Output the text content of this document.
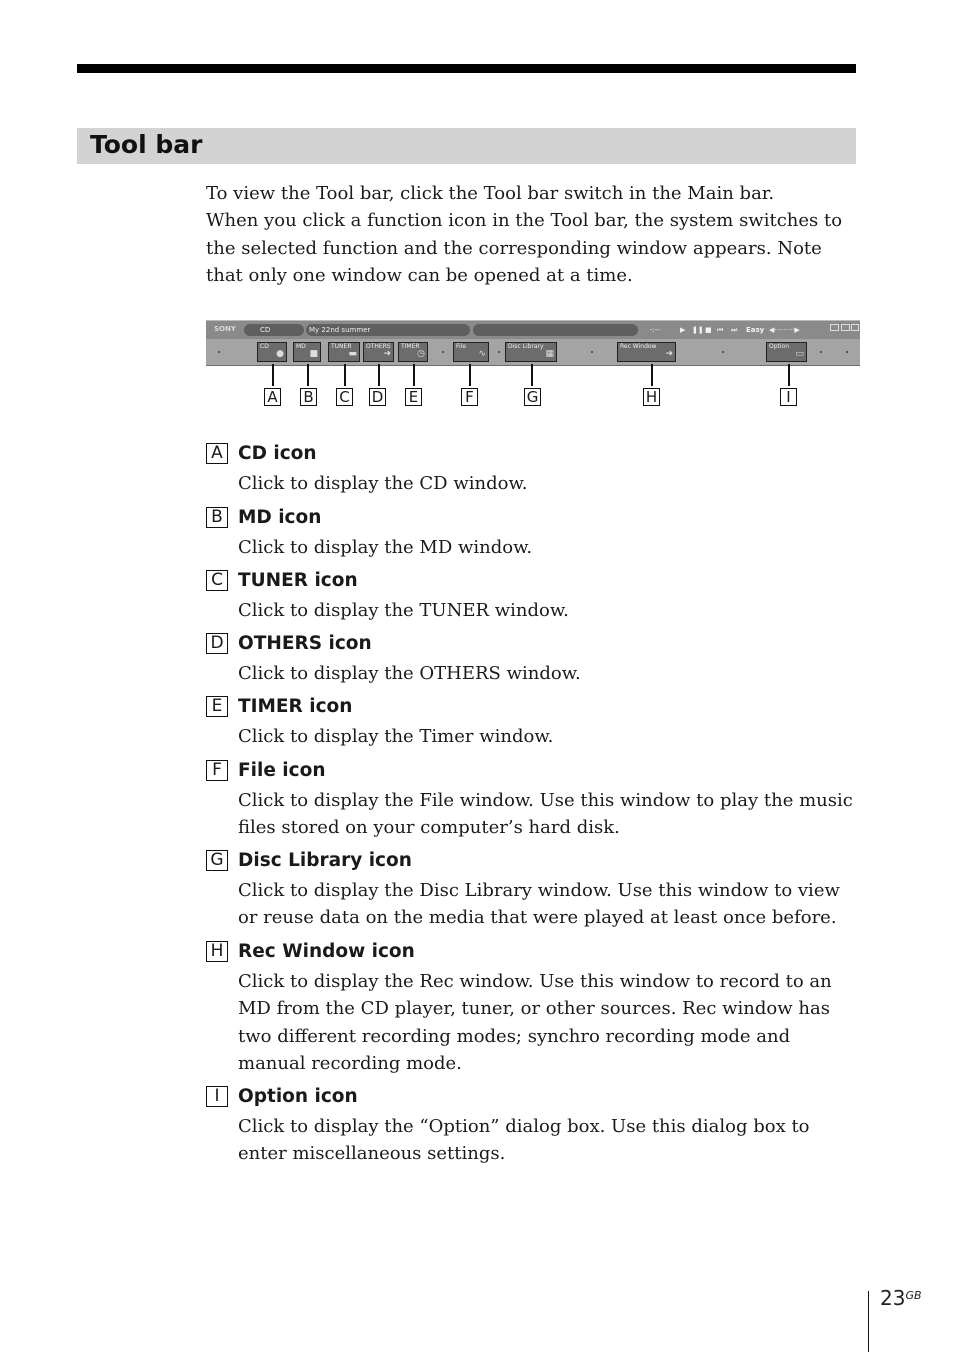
Tool bar

To view the Tool bar, click the Tool bar switch in the Main bar.

When you click a function icon in the Tool bar, the system switches to the selected function and the corresponding window appears. Note that only one window can be opened at a time.

SONY	CD	My 22nd summer	-:--	▶ ❚❚ ■ ⏮ ⏭ Easy ◀·········▶
CD
●
MD
■
TUNER
▬
OTHERS
➜
TIMER
◷
File
∿
Disc Library
▦
Rec Window
➜
Option
▭
A B C D E	F	G	H	I
A CD icon
Click to display the CD window.
B MD icon
Click to display the MD window.
C TUNER icon
Click to display the TUNER window.
D OTHERS icon
Click to display the OTHERS window.
E TIMER icon
Click to display the Timer window.
F File icon
Click to display the File window. Use this window to play the music files stored on your computer’s hard disk.
G Disc Library icon
Click to display the Disc Library window. Use this window to view or reuse data on the media that were played at least once before.
H Rec Window icon
Click to display the Rec window. Use this window to record to an MD from the CD player, tuner, or other sources. Rec window has two different recording modes; synchro recording mode and manual recording mode.
I	Option icon
Click to display the “Option” dialog box. Use this dialog box to enter miscellaneous settings.
$23^{GB}$
